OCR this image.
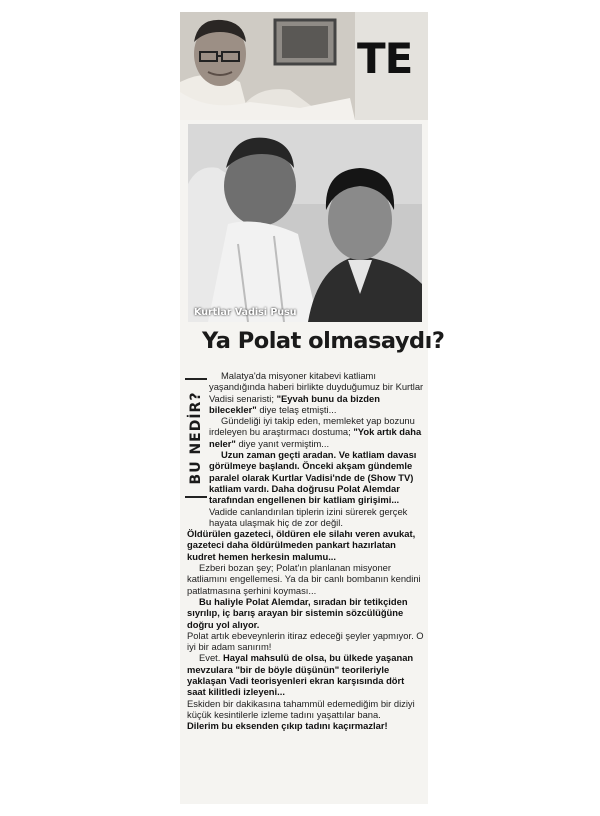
TE
Kurtlar Vadisi Pusu
Ya Polat olmasaydı?
BU NEDİR?

Malatya'da misyoner kitabevi katliamı yaşandığında haberi birlikte duyduğumuz bir Kurtlar Vadisi senaristi; "Eyvah bunu da bizden bilecekler" diye telaş etmişti...

Gündeliği iyi takip eden, memleket yap bozunu irdeleyen bu araştırmacı dostuma; "Yok artık daha neler" diye yanıt vermiştim...

Uzun zaman geçti aradan. Ve katliam davası görülmeye başlandı. Önceki akşam gündemle paralel olarak Kurtlar Vadisi'nde de (Show TV) katliam vardı. Daha doğrusu Polat Alemdar tarafından engellenen bir katliam girişimi... Vadide canlandırılan tiplerin izini sürerek gerçek hayata ulaşmak hiç de zor değil.

Öldürülen gazeteci, öldüren ele silahı veren avukat, gazeteci daha öldürülmeden pankart hazırlatan kudret hemen herkesin malumu...

Ezberi bozan şey; Polat'ın planlanan misyoner katliamını engellemesi. Ya da bir canlı bombanın kendini patlatmasına şerhini koyması...

Bu haliyle Polat Alemdar, sıradan bir tetikçiden sıyrılıp, iç barış arayan bir sistemin sözcülüğüne doğru yol alıyor.

Polat artık ebeveynlerin itiraz edeceği şeyler yapmıyor. O iyi bir adam sanırım!

Evet. Hayal mahsulü de olsa, bu ülkede yaşanan mevzulara "bir de böyle düşünün" teorileriyle yaklaşan Vadi teorisyenleri ekran karşısında dört saat kilitledi izleyeni...

Eskiden bir dakikasına tahammül edemediğim bir diziyi küçük kesintilerle izleme tadını yaşattılar bana.

Dilerim bu eksenden çıkıp tadını kaçırmazlar!
